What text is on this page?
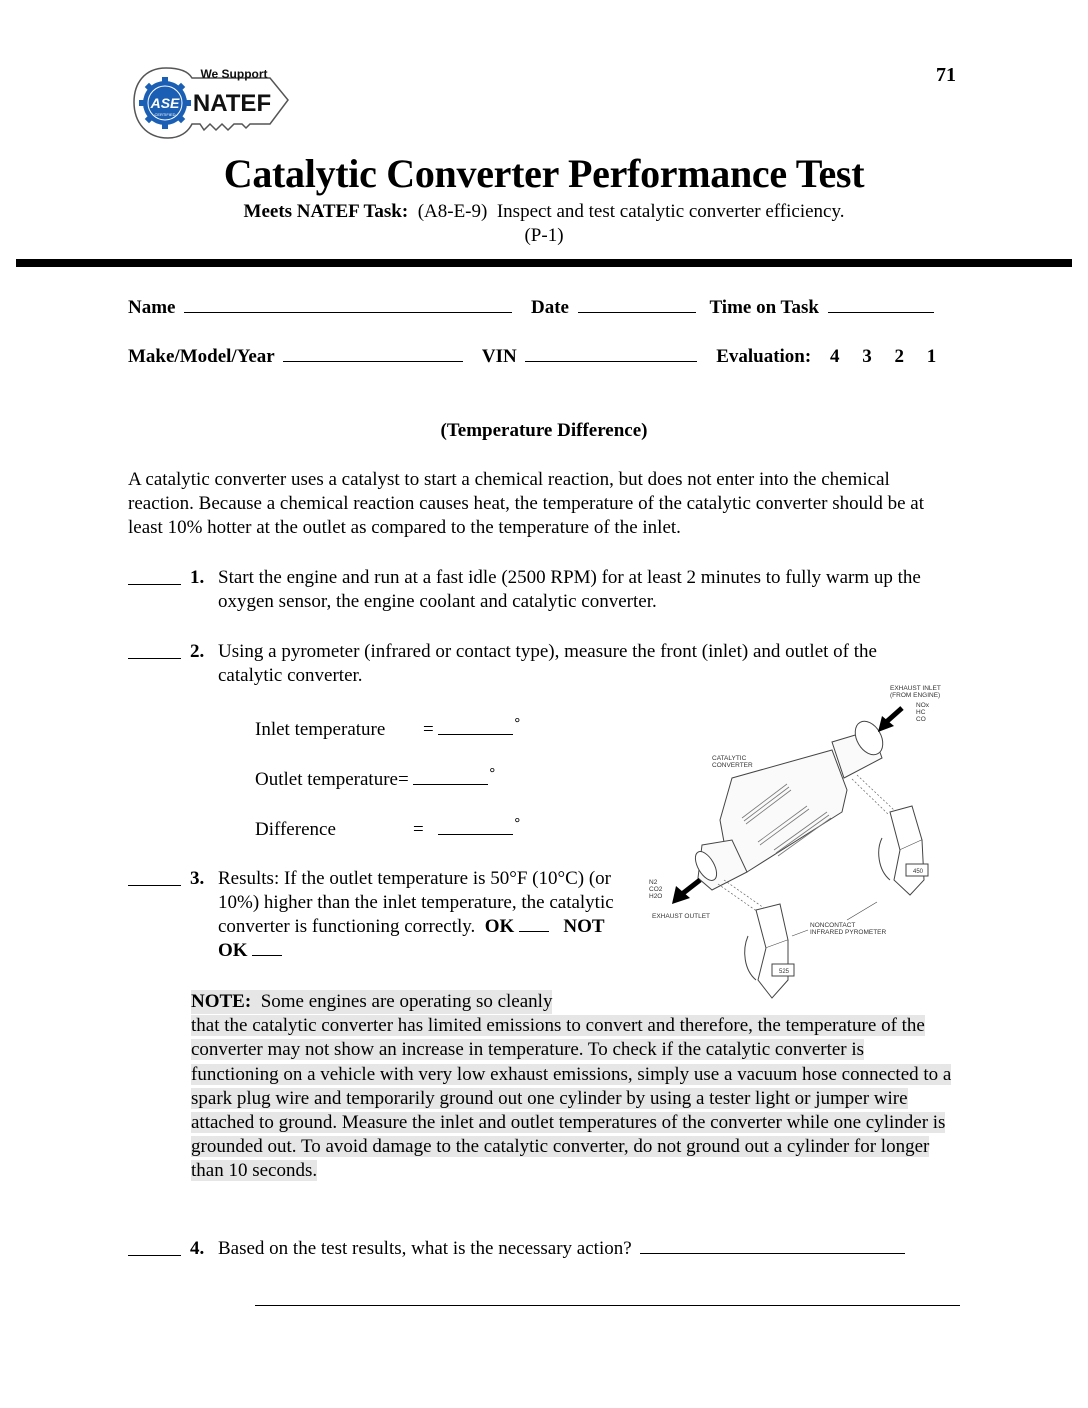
ASE
CERTIFIED
We Support
NATEF
71
Catalytic Converter Performance Test
Meets NATEF Task: (A8-E-9) Inspect and test catalytic converter efficiency.
(P-1)
Name	Date	Time on Task
Make/Model/Year	VIN	Evaluation: 4 3 2 1
(Temperature Difference)
A catalytic converter uses a catalyst to start a chemical reaction, but does not enter into the chemical reaction. Because a chemical reaction causes heat, the temperature of the catalytic converter should be at least 10% hotter at the outlet as compared to the temperature of the inlet.
1. Start the engine and run at a fast idle (2500 RPM) for at least 2 minutes to fully warm up the oxygen sensor, the engine coolant and catalytic converter.
2. Using a pyrometer (infrared or contact type), measure the front (inlet) and outlet of the catalytic converter.
Inlet temperature =	°
Outlet temperature=	°
Difference	=	°
3. Results: If the outlet temperature is 50°F (10°C) (or 10%) higher than the inlet temperature, the catalytic converter is functioning correctly. OK	NOT OK
450
525
EXHAUST INLET
(FROM ENGINE)
NOx
HC
CO
CATALYTIC
CONVERTER
N2
CO2
H2O
EXHAUST OUTLET
NONCONTACT
INFRARED PYROMETER
NOTE: Some engines are operating so cleanly
that the catalytic converter has limited emissions to convert and therefore, the temperature of the converter may not show an increase in temperature. To check if the catalytic converter is functioning on a vehicle with very low exhaust emissions, simply use a vacuum hose connected to a spark plug wire and temporarily ground out one cylinder by using a tester light or jumper wire attached to ground. Measure the inlet and outlet temperatures of the converter while one cylinder is grounded out. To avoid damage to the catalytic converter, do not ground out a cylinder for longer than 10 seconds.
4. Based on the test results, what is the necessary action?
